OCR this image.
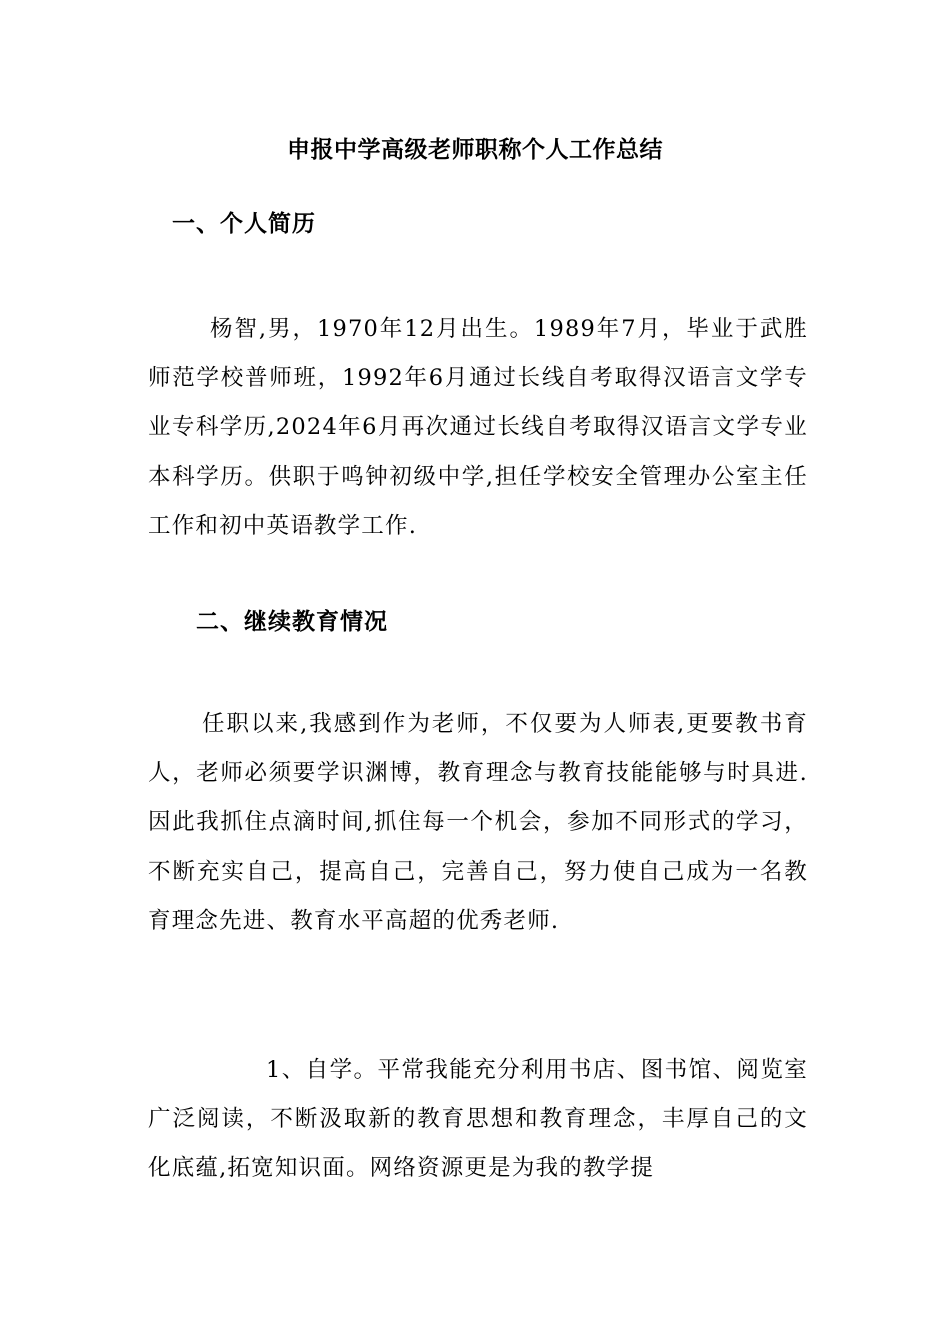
申报中学高级老师职称个人工作总结
一、个人简历

杨智,男，1970年12月出生。1989年7月，毕业于武胜师范学校普师班，1992年6月通过长线自考取得汉语言文学专业专科学历,2024年6月再次通过长线自考取得汉语言文学专业本科学历。供职于鸣钟初级中学,担任学校安全管理办公室主任工作和初中英语教学工作.

二、继续教育情况

任职以来,我感到作为老师，不仅要为人师表,更要教书育人，老师必须要学识渊博，教育理念与教育技能能够与时具进.因此我抓住点滴时间,抓住每一个机会，参加不同形式的学习，不断充实自己，提高自己，完善自己，努力使自己成为一名教育理念先进、教育水平高超的优秀老师.

1、自学。平常我能充分利用书店、图书馆、阅览室广泛阅读，不断汲取新的教育思想和教育理念，丰厚自己的文化底蕴,拓宽知识面。网络资源更是为我的教学提
